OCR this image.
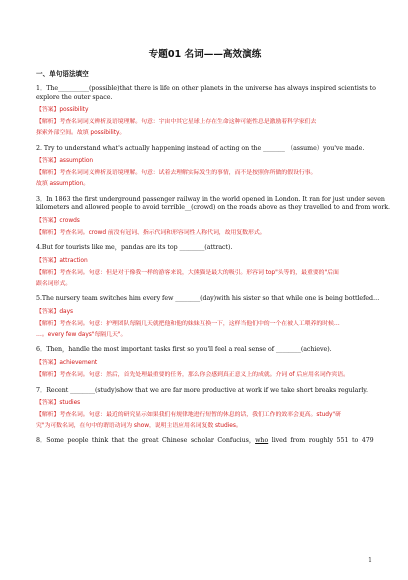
专题01 名词——高效演练
一、单句语法填空
1．The__________(possible)that there is life on other planets in the universe has always inspired scientists to
explore the outer space.
【答案】possibility
【解析】考查名词词义辨析及语境理解。句意：宇宙中其它星球上存在生命这种可能性总是激励着科学家们去
探索外部空间。故填 possibility。
2. Try to understand what's actually happening instead of acting on the _______ （assume）you've made.
【答案】assumption
【解析】考查名词词义辨析及语境理解。句意：试着去理解实际发生的事情，而不是按照你所做的假设行事。
故填 assumption。
3．In 1863 the first underground passenger railway in the world opened in London. It ran for just under seven
kilometers and allowed people to avoid terrible__(crowd) on the roads above as they travelled to and from work.
【答案】crowds
【解析】考查名词。crowd 前没有冠词、指示代词和形容词性人称代词，故用复数形式。
4.But for tourists like me，pandas are its top ________(attract).
【答案】attraction
【解析】考查名词。句意：但是对于像我一样的游客来说，大熊猫是最大的吸引。形容词 top"头等的，最重要的"后面
跟名词形式。
5.The nursery team switches him every few ________(day)with his sister so that while one is being bottlefed…
【答案】days
【解析】考查名词。句意：护理团队每隔几天就把他和他的妹妹互换一下，这样当他们中的一个在被人工喂养的时候…
…。every few days"每隔几天"。
6．Then，handle the most important tasks first so you'll feel a real sense of ________(achieve).
【答案】achievement
【解析】考查名词。句意：然后，首先处理最重要的任务，那么你会感到真正意义上的成就。介词 of 后应用名词作宾语。
7．Recent ________(study)show that we are far more productive at work if we take short breaks regularly.
【答案】studies
【解析】考查名词。句意：最近的研究显示如果我们有规律地进行短暂的休息的话，我们工作的效率会更高。study"研
究"为可数名词，在句中的谓语动词为 show，说明主语应用名词复数 studies。
8．Some people think that the great Chinese scholar Confucius，who lived from roughly 551 to 479
1
